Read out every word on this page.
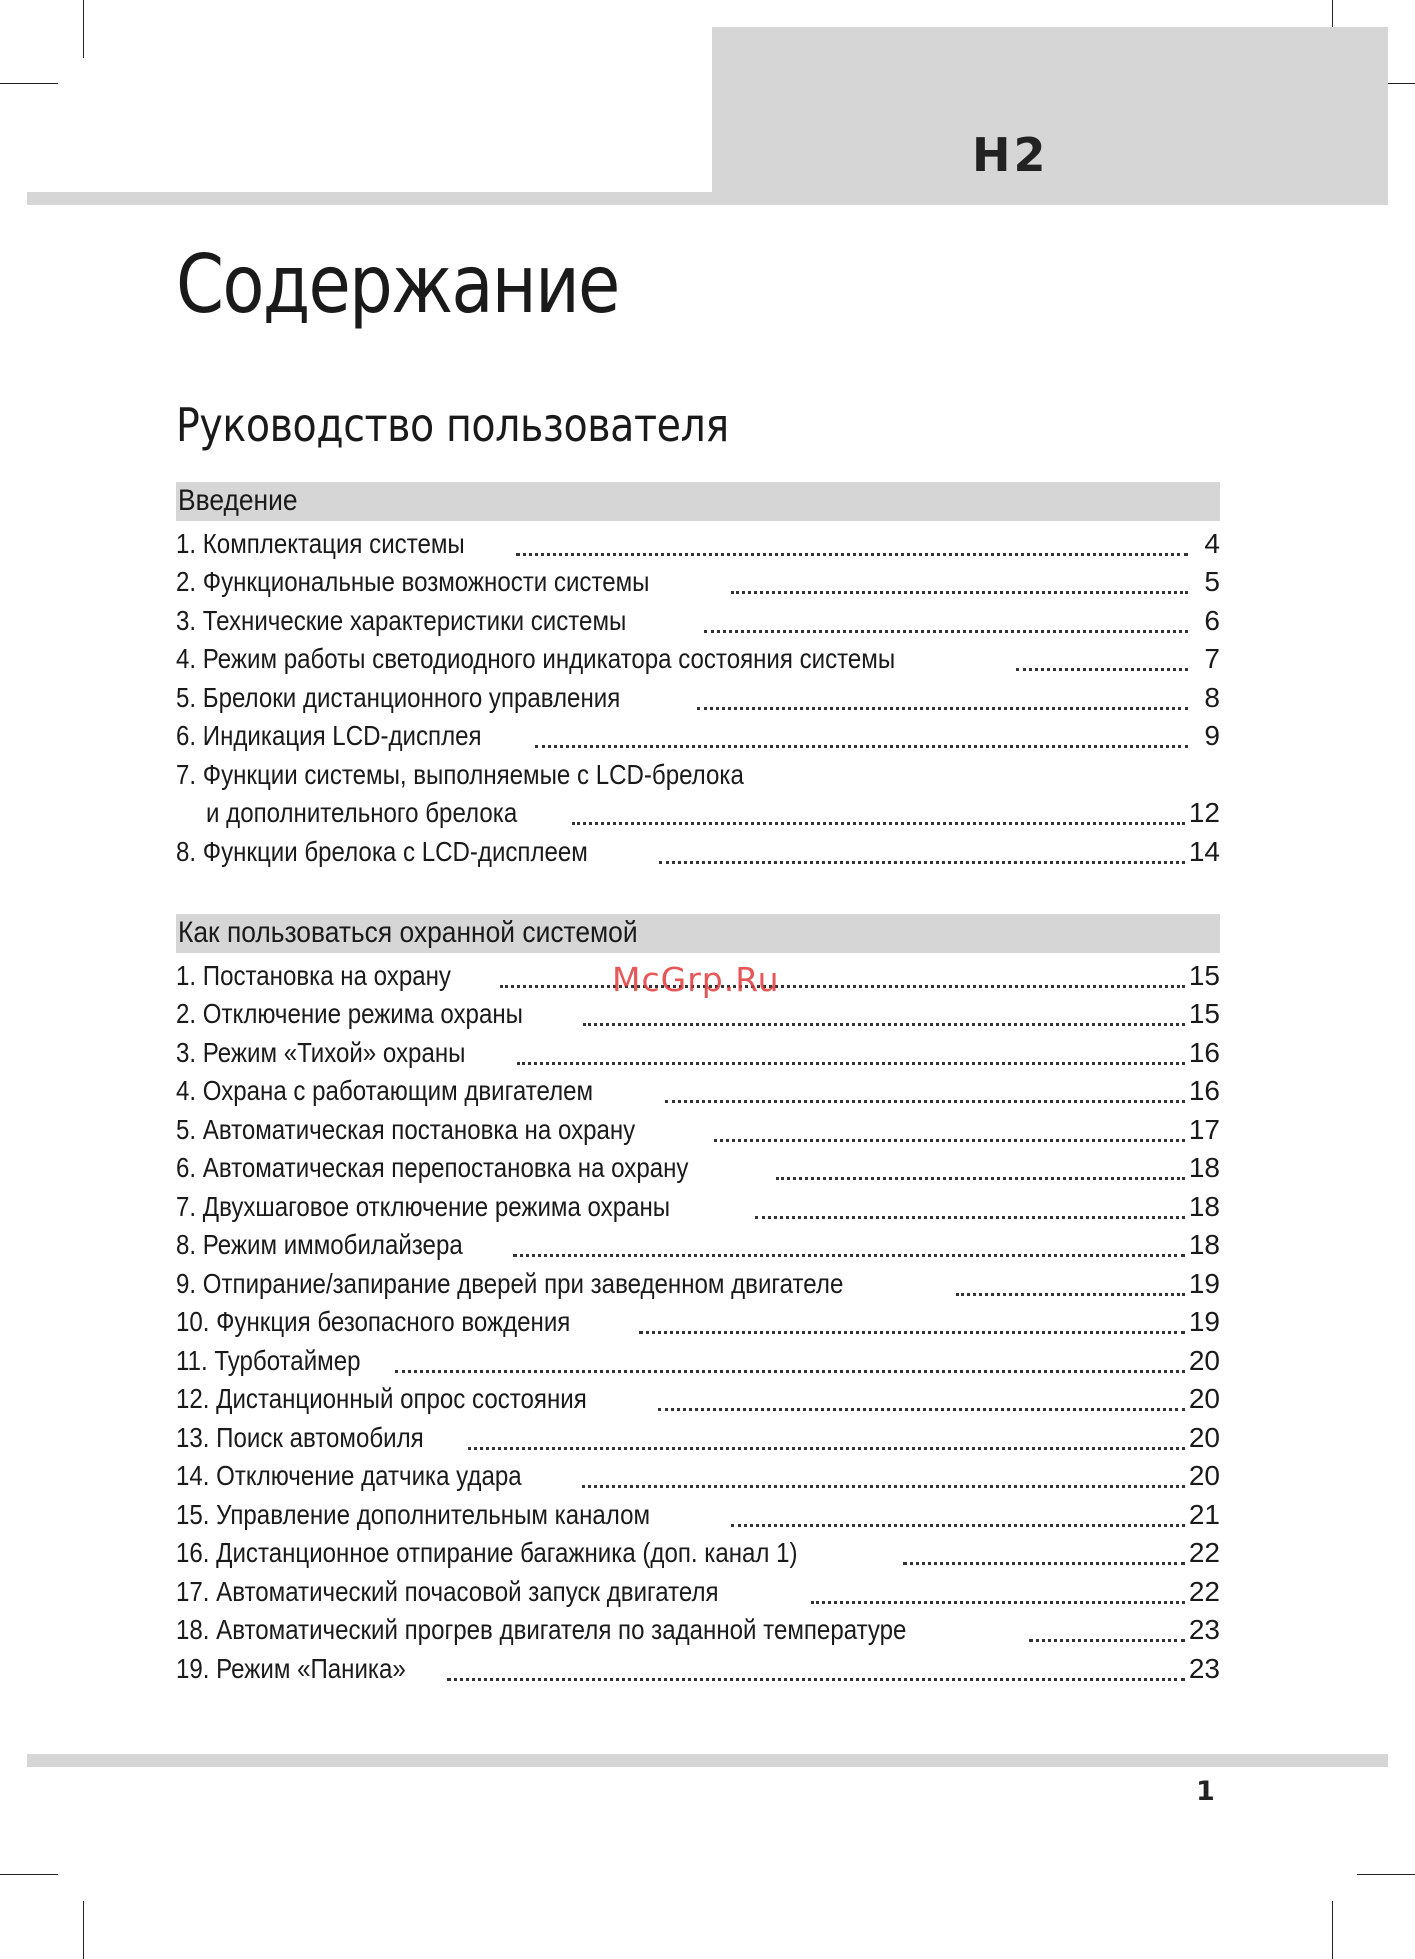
H2
Содержание
Руководство пользователя
Введение
1. Комплектация системы	4
2. Функциональные возможности системы	5
3. Технические характеристики системы	6
4. Режим работы светодиодного индикатора состояния системы	7
5. Брелоки дистанционного управления	8
6. Индикация LCD-дисплея	9
7. Функции системы, выполняемые с LCD-брелока
и дополнительного брелока	12
8. Функции брелока с LCD-дисплеем	14
Как пользоваться охранной системой
1. Постановка на охрану	15
2. Отключение режима охраны	15
3. Режим «Тихой» охраны	16
4. Охрана с работающим двигателем	16
5. Автоматическая постановка на охрану	17
6. Автоматическая перепостановка на охрану	18
7. Двухшаговое отключение режима охраны	18
8. Режим иммобилайзера	18
9. Отпирание/запирание дверей при заведенном двигателе	19
10. Функция безопасного вождения	19
11. Турботаймер	20
12. Дистанционный опрос состояния	20
13. Поиск автомобиля	20
14. Отключение датчика удара	20
15. Управление дополнительным каналом	21
16. Дистанционное отпирание багажника (доп. канал 1)	22
17. Автоматический почасовой запуск двигателя	22
18. Автоматический прогрев двигателя по заданной температуре	23
19. Режим «Паника»	23
McGrp.Ru
1
